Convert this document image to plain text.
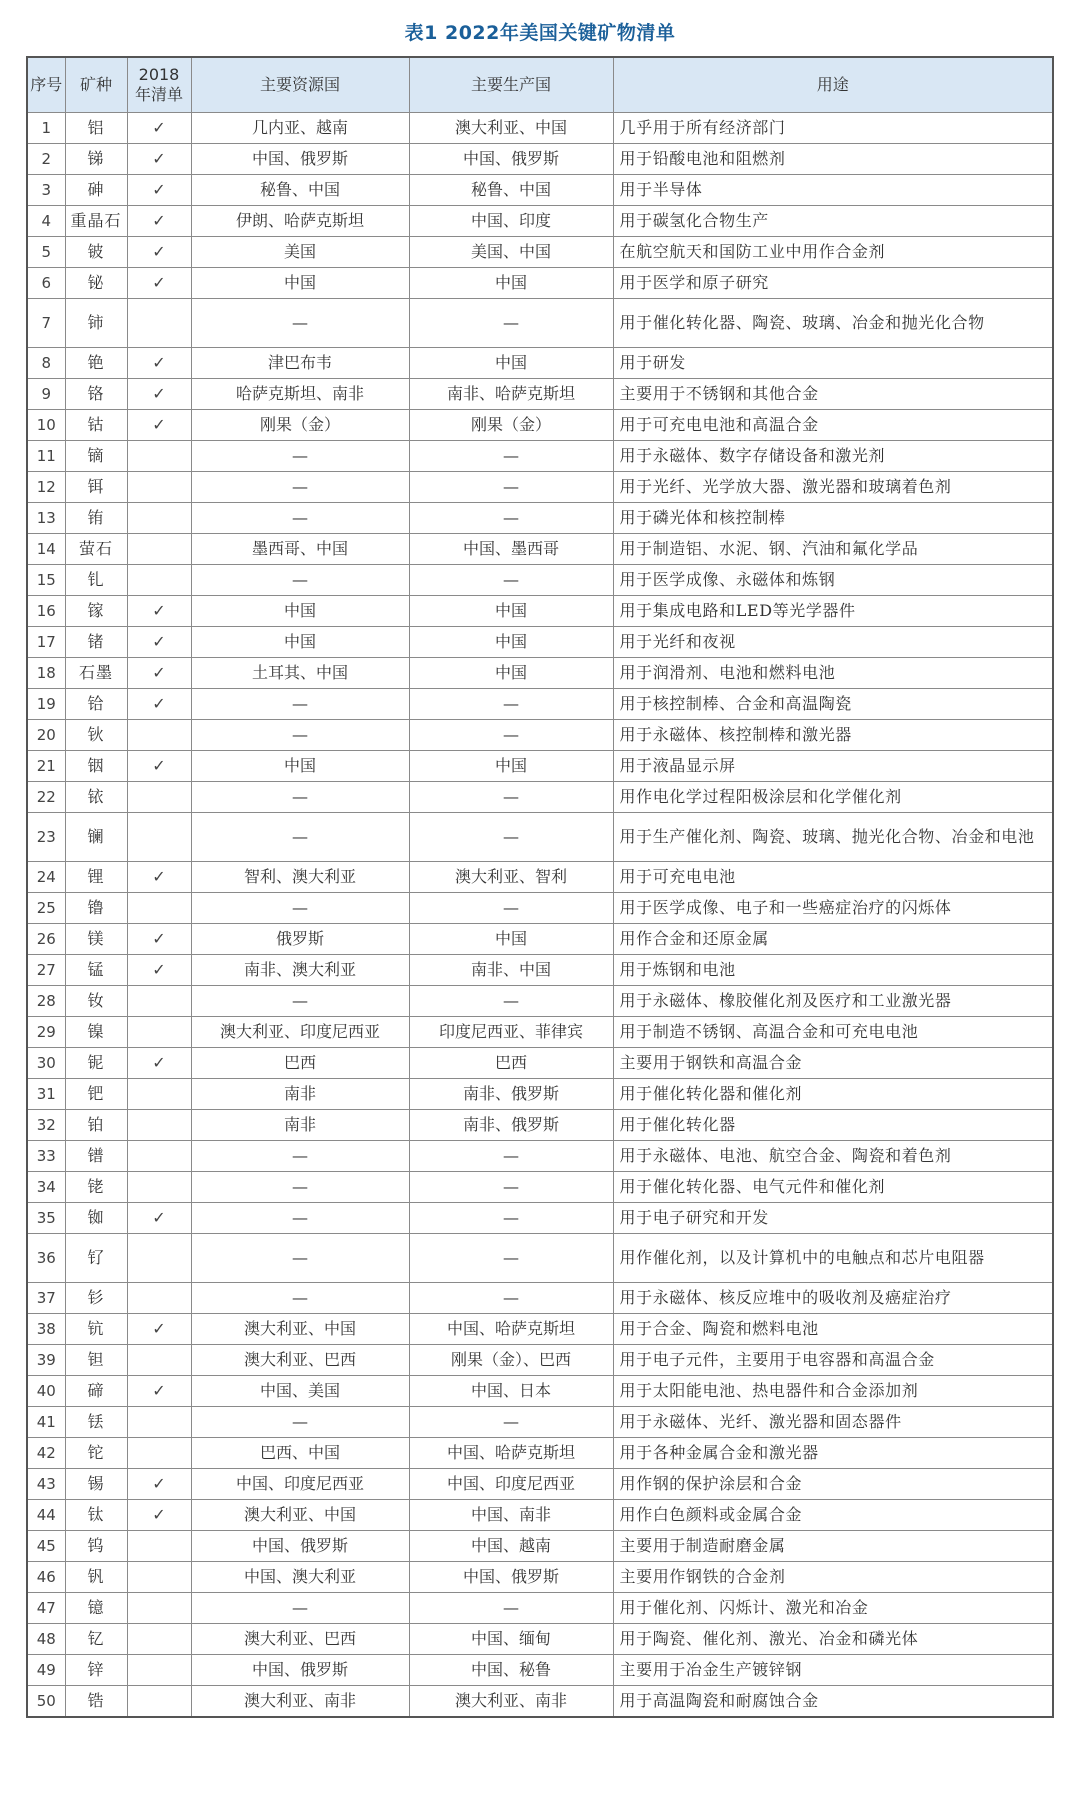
表1 2022年美国关键矿物清单
序号	矿种	2018年清单	主要资源国	主要生产国	用途
1	铝	✓	几内亚、越南	澳大利亚、中国	几乎用于所有经济部门
2	锑	✓	中国、俄罗斯	中国、俄罗斯	用于铅酸电池和阻燃剂
3	砷	✓	秘鲁、中国	秘鲁、中国	用于半导体
4	重晶石	✓	伊朗、哈萨克斯坦	中国、印度	用于碳氢化合物生产
5	铍	✓	美国	美国、中国	在航空航天和国防工业中用作合金剂
6	铋	✓	中国	中国	用于医学和原子研究
7	铈		—	—	用于催化转化器、陶瓷、玻璃、冶金和抛光化合物
8	铯	✓	津巴布韦	中国	用于研发
9	铬	✓	哈萨克斯坦、南非	南非、哈萨克斯坦	主要用于不锈钢和其他合金
10	钴	✓	刚果（金）	刚果（金）	用于可充电电池和高温合金
11	镝		—	—	用于永磁体、数字存储设备和激光剂
12	铒		—	—	用于光纤、光学放大器、激光器和玻璃着色剂
13	铕		—	—	用于磷光体和核控制棒
14	萤石		墨西哥、中国	中国、墨西哥	用于制造铝、水泥、钢、汽油和氟化学品
15	钆		—	—	用于医学成像、永磁体和炼钢
16	镓	✓	中国	中国	用于集成电路和LED等光学器件
17	锗	✓	中国	中国	用于光纤和夜视
18	石墨	✓	土耳其、中国	中国	用于润滑剂、电池和燃料电池
19	铪	✓	—	—	用于核控制棒、合金和高温陶瓷
20	钬		—	—	用于永磁体、核控制棒和激光器
21	铟	✓	中国	中国	用于液晶显示屏
22	铱		—	—	用作电化学过程阳极涂层和化学催化剂
23	镧		—	—	用于生产催化剂、陶瓷、玻璃、抛光化合物、冶金和电池
24	锂	✓	智利、澳大利亚	澳大利亚、智利	用于可充电电池
25	镥		—	—	用于医学成像、电子和一些癌症治疗的闪烁体
26	镁	✓	俄罗斯	中国	用作合金和还原金属
27	锰	✓	南非、澳大利亚	南非、中国	用于炼钢和电池
28	钕		—	—	用于永磁体、橡胶催化剂及医疗和工业激光器
29	镍		澳大利亚、印度尼西亚	印度尼西亚、菲律宾	用于制造不锈钢、高温合金和可充电电池
30	铌	✓	巴西	巴西	主要用于钢铁和高温合金
31	钯		南非	南非、俄罗斯	用于催化转化器和催化剂
32	铂		南非	南非、俄罗斯	用于催化转化器
33	镨		—	—	用于永磁体、电池、航空合金、陶瓷和着色剂
34	铑		—	—	用于催化转化器、电气元件和催化剂
35	铷	✓	—	—	用于电子研究和开发
36	钌		—	—	用作催化剂，以及计算机中的电触点和芯片电阻器
37	钐		—	—	用于永磁体、核反应堆中的吸收剂及癌症治疗
38	钪	✓	澳大利亚、中国	中国、哈萨克斯坦	用于合金、陶瓷和燃料电池
39	钽		澳大利亚、巴西	刚果（金）、巴西	用于电子元件，主要用于电容器和高温合金
40	碲	✓	中国、美国	中国、日本	用于太阳能电池、热电器件和合金添加剂
41	铥		—	—	用于永磁体、光纤、激光器和固态器件
42	铊		巴西、中国	中国、哈萨克斯坦	用于各种金属合金和激光器
43	锡	✓	中国、印度尼西亚	中国、印度尼西亚	用作钢的保护涂层和合金
44	钛	✓	澳大利亚、中国	中国、南非	用作白色颜料或金属合金
45	钨		中国、俄罗斯	中国、越南	主要用于制造耐磨金属
46	钒		中国、澳大利亚	中国、俄罗斯	主要用作钢铁的合金剂
47	镱		—	—	用于催化剂、闪烁计、激光和冶金
48	钇		澳大利亚、巴西	中国、缅甸	用于陶瓷、催化剂、激光、冶金和磷光体
49	锌		中国、俄罗斯	中国、秘鲁	主要用于冶金生产镀锌钢
50	锆		澳大利亚、南非	澳大利亚、南非	用于高温陶瓷和耐腐蚀合金
